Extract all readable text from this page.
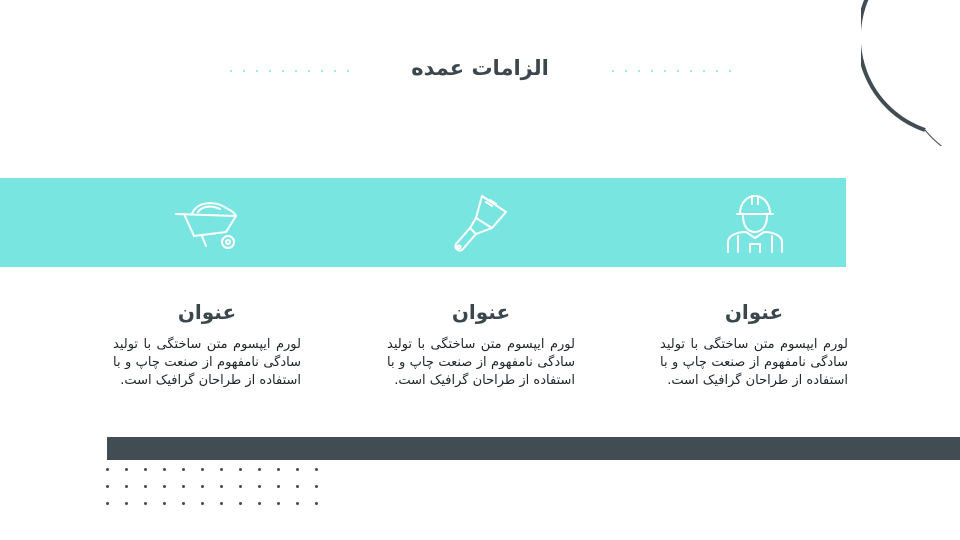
الزامات عمده
عنوان
لورم ایپسوم متن ساختگی با تولید سادگی نامفهوم از صنعت چاپ و با استفاده از طراحان گرافیک است.
عنوان
لورم ایپسوم متن ساختگی با تولید سادگی نامفهوم از صنعت چاپ و با استفاده از طراحان گرافیک است.
عنوان
لورم ایپسوم متن ساختگی با تولید سادگی نامفهوم از صنعت چاپ و با استفاده از طراحان گرافیک است.
